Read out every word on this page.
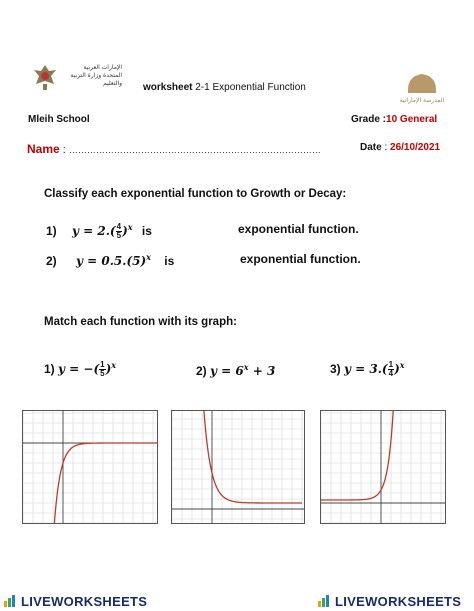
الإمارات العربية المتحدة وزارة التربية والتعليم worksheet 2-1 Exponential Function
المدرسة الإماراتية
Mleih School	Grade :10 General
Name : …………………………………………………………………………	Date : 26/10/2021
Classify each exponential function to Growth or Decay:
1) $y = 2.( \frac{4}{5} )^x$ is	exponential function.
2) $y = 0.5.(5)^x$ is	exponential function.
Match each function with its graph:
1) y = −( $\frac{1}{5} )^x$	2) $y = 6^x + 3$	3) $y = 3.( \frac{1}{4} )^x$
LIVEWORKSHEETS	LIVEWORKSHEETS
